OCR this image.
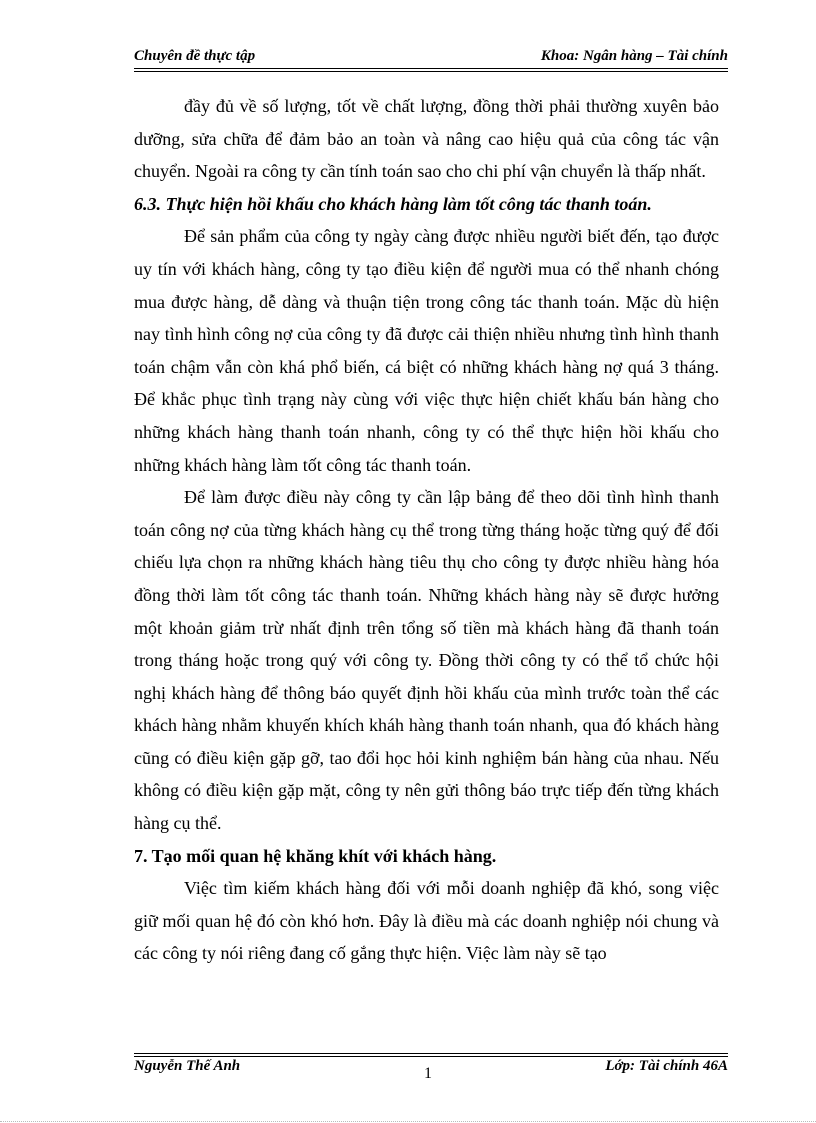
Chuyên đề thực tập	Khoa: Ngân hàng – Tài chính

đầy đủ về số lượng, tốt về chất lượng, đồng thời phải thường xuyên bảo dưỡng, sửa chữa để đảm bảo an toàn và nâng cao hiệu quả của công tác vận chuyển. Ngoài ra công ty cần tính toán sao cho chi phí vận chuyển là thấp nhất.

6.3. Thực hiện hồi khấu cho khách hàng làm tốt công tác thanh toán.

Để sản phẩm của công ty ngày càng được nhiều người biết đến, tạo được uy tín với khách hàng, công ty tạo điều kiện để người mua có thể nhanh chóng mua được hàng, dễ dàng và thuận tiện trong công tác thanh toán. Mặc dù hiện nay tình hình công nợ của công ty đã được cải thiện nhiều nhưng tình hình thanh toán chậm vẫn còn khá phổ biến, cá biệt có những khách hàng nợ quá 3 tháng. Để khắc phục tình trạng này cùng với việc thực hiện chiết khấu bán hàng cho những khách hàng thanh toán nhanh, công ty có thể thực hiện hồi khấu cho những khách hàng làm tốt công tác thanh toán.

Để làm được điều này công ty cần lập bảng để theo dõi tình hình thanh toán công nợ của từng khách hàng cụ thể trong từng tháng hoặc từng quý để đối chiếu lựa chọn ra những khách hàng tiêu thụ cho công ty được nhiều hàng hóa đồng thời làm tốt công tác thanh toán. Những khách hàng này sẽ được hưởng một khoản giảm trừ nhất định trên tổng số tiền mà khách hàng đã thanh toán trong tháng hoặc trong quý với công ty. Đồng thời công ty có thể tổ chức hội nghị khách hàng để thông báo quyết định hồi khấu của mình trước toàn thể các khách hàng nhằm khuyến khích kháh hàng thanh toán nhanh, qua đó khách hàng cũng có điều kiện gặp gỡ, tao đổi học hỏi kinh nghiệm bán hàng của nhau. Nếu không có điều kiện gặp mặt, công ty nên gửi thông báo trực tiếp đến từng khách hàng cụ thể.

7. Tạo mối quan hệ khăng khít với khách hàng.

Việc tìm kiếm khách hàng đối với mỗi doanh nghiệp đã khó, song việc giữ mối quan hệ đó còn khó hơn. Đây là điều mà các doanh nghiệp nói chung và các công ty nói riêng đang cố gắng thực hiện. Việc làm này sẽ tạo

Nguyễn Thế Anh	1	Lớp: Tài chính 46A
